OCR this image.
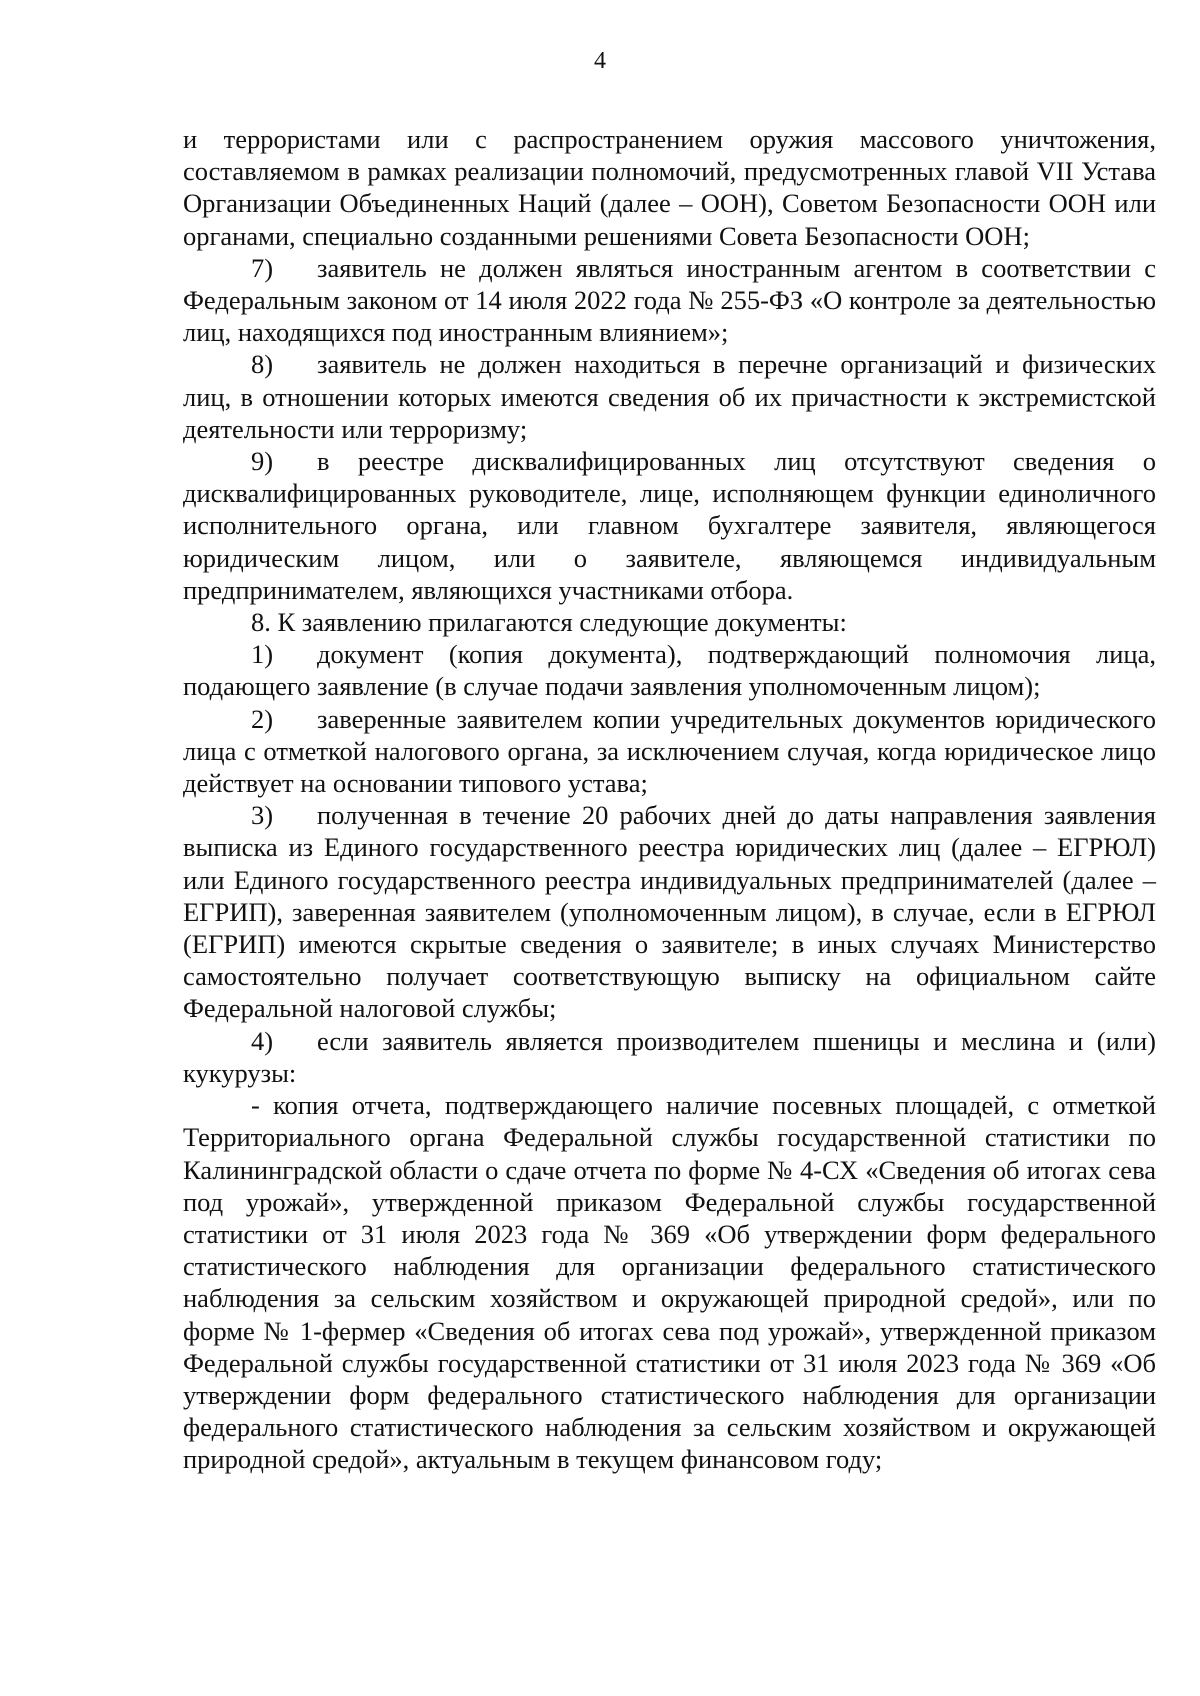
4

и террористами или с распространением оружия массового уничтожения, составляемом в рамках реализации полномочий, предусмотренных главой VII Устава Организации Объединенных Наций (далее – ООН), Советом Безопасности ООН или органами, специально созданными решениями Совета Безопасности ООН;

7) заявитель не должен являться иностранным агентом в соответствии с Федеральным законом от 14 июля 2022 года № 255-ФЗ «О контроле за деятельностью лиц, находящихся под иностранным влиянием»;

8) заявитель не должен находиться в перечне организаций и физических лиц, в отношении которых имеются сведения об их причастности к экстремистской деятельности или терроризму;

9) в реестре дисквалифицированных лиц отсутствуют сведения о дисквалифицированных руководителе, лице, исполняющем функции единоличного исполнительного органа, или главном бухгалтере заявителя, являющегося юридическим лицом, или о заявителе, являющемся индивидуальным предпринимателем, являющихся участниками отбора.

8. К заявлению прилагаются следующие документы:

1) документ (копия документа), подтверждающий полномочия лица, подающего заявление (в случае подачи заявления уполномоченным лицом);

2) заверенные заявителем копии учредительных документов юридического лица с отметкой налогового органа, за исключением случая, когда юридическое лицо действует на основании типового устава;

3) полученная в течение 20 рабочих дней до даты направления заявления выписка из Единого государственного реестра юридических лиц (далее – ЕГРЮЛ) или Единого государственного реестра индивидуальных предпринимателей (далее – ЕГРИП), заверенная заявителем (уполномоченным лицом), в случае, если в ЕГРЮЛ (ЕГРИП) имеются скрытые сведения о заявителе; в иных случаях Министерство самостоятельно получает соответствующую выписку на официальном сайте Федеральной налоговой службы;

4) если заявитель является производителем пшеницы и меслина и (или) кукурузы:

- копия отчета, подтверждающего наличие посевных площадей, с отметкой Территориального органа Федеральной службы государственной статистики по Калининградской области о сдаче отчета по форме № 4-СХ «Сведения об итогах сева под урожай», утвержденной приказом Федеральной службы государственной статистики от 31 июля 2023 года № 369 «Об утверждении форм федерального статистического наблюдения для организации федерального статистического наблюдения за сельским хозяйством и окружающей природной средой», или по форме № 1-фермер «Сведения об итогах сева под урожай», утвержденной приказом Федеральной службы государственной статистики от 31 июля 2023 года № 369 «Об утверждении форм федерального статистического наблюдения для организации федерального статистического наблюдения за сельским хозяйством и окружающей природной средой», актуальным в текущем финансовом году;
